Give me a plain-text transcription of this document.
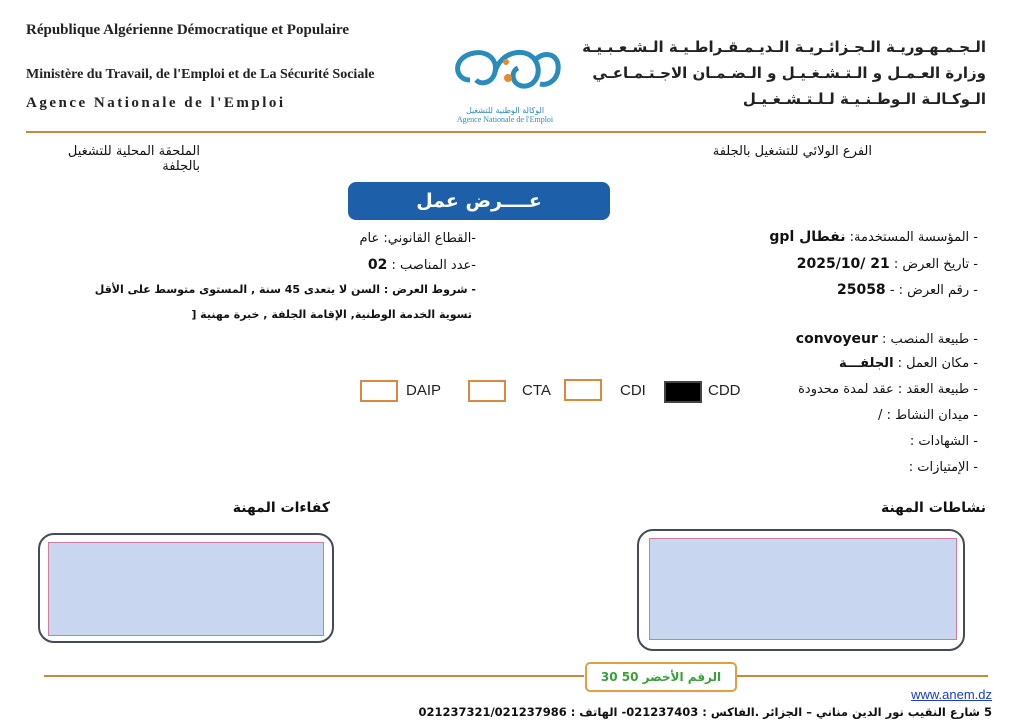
République Algérienne Démocratique et Populaire
Ministère du Travail, de l'Emploi et de La Sécurité Sociale
Agence Nationale de l'Emploi	الوكالة الوطنية للتشغيل
Agence Nationale de l'Emploi
الـجـمـهـوريـة الـجـزائـريـة الـديـمـقـراطـيـة الـشـعـبـيـة
وزارة العـمـل و الـتـشـغـيـل و الـضـمـان الاجـتـمـاعـي
الـوكـالـة الـوطـنـيـة لـلـتـشـغـيـل
الفرع الولائي للتشغيل بالجلفة
الملحقة المحلية للتشغيل بالجلفة
عــــرض عمل
- المؤسسة المستخدمة: نفطال gpl
- تاريخ العرض : 21 /2025/10
- رقم العرض : - 25058
- طبيعة المنصب : convoyeur
- مكان العمل : الجلفـــة
- طبيعة العقد : عقد لمدة محدودة
- ميدان النشاط : /
- الشهادات :
- الإمتيازات :
-القطاع القانوني: عام
-عدد المناصب : 02
- شروط العرض : السن لا يتعدى 45 سنة , المستوى متوسط على الأقل
تسوية الخدمة الوطنية, الإقامة الجلفة , خبرة مهنية [
DAIP	CTA	CDI	CDD
نشاطات المهنة
كفاءات المهنة
الرقم الأخضر 50 30
www.anem.dz
5 شارع النقيب نور الدين مناني – الجزائر .الفاكس : 021237403- الهاتف : 021237321/021237986
